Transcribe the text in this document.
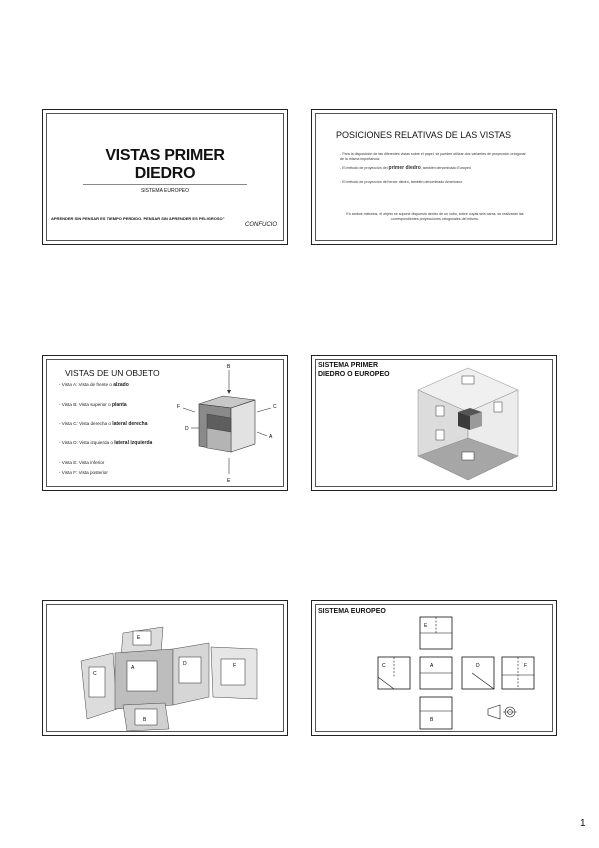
VISTAS PRIMER
DIEDRO
SISTEMA EUROPEO
APRENDER SIN PENSAR ES TIEMPO PERDIDO. PENSAR SIN APRENDER ES PELIGROSO"
CONFUCIO
POSICIONES RELATIVAS DE LAS VISTAS
- Para la disposición de las diferentes vistas sobre el papel, se pueden utilizar dos variantes de proyección ortogonal de la misma importancia:
- El método de proyección del primer diedro, también denominado Europeo
- El método de proyección del tercer diedro, también denominado Americano
En ambos métodos, el objeto se supone dispuesto dentro de un cubo, sobre cuyas seis caras, se realizarán las correspondientes proyecciones ortogonales del mismo.
VISTAS DE UN OBJETO
- Vista A: Vista de frente o alzado
- Vista B: Vista superior o planta
- Vista C: Vista derecha o lateral derecha
- Vista D: Vista izquierda o lateral izquierda
- Vista E: Vista inferior
- Vista F: Vista posterior
B
E
F	C
D
A
SISTEMA PRIMER
DIEDRO O EUROPEO
E
C
A
D	F
B
SISTEMA EUROPEO
E
C	A	D	F
B
1
